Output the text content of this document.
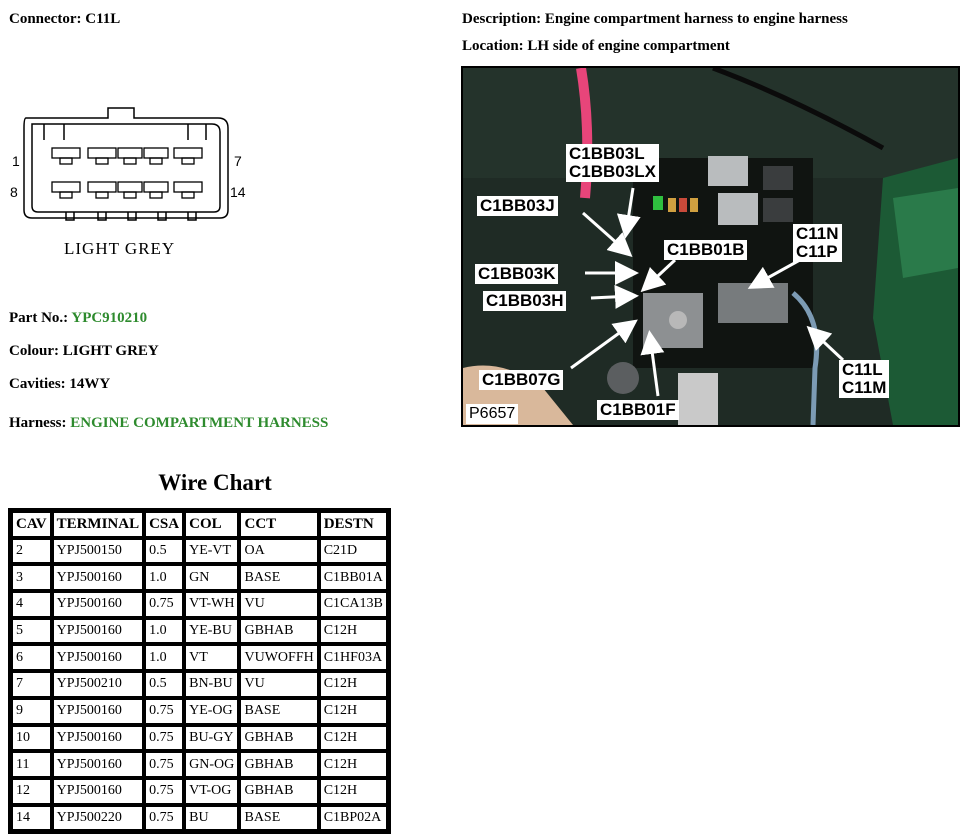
Connector: C11L	Description: Engine compartment harness to engine harness
Location: LH side of engine compartment
1
8
7
14
LIGHT GREY
Part No.: YPC910210
Colour: LIGHT GREY
Cavities: 14WY
Harness: ENGINE COMPARTMENT HARNESS
C1BB03L
C1BB03LX
C1BB03J
C1BB01B
C11N
C11P
C1BB03K
C1BB03H
C1BB07G
C11L
C11M
C1BB01F
P6657
Wire Chart
CAV	TERMINAL	CSA	COL	CCT	DESTN
2	YPJ500150	0.5	YE-VT	OA	C21D
3	YPJ500160	1.0	GN	BASE	C1BB01A
4	YPJ500160	0.75	VT-WH	VU	C1CA13B
5	YPJ500160	1.0	YE-BU	GBHAB	C12H
6	YPJ500160	1.0	VT	VUWOFFH	C1HF03A
7	YPJ500210	0.5	BN-BU	VU	C12H
9	YPJ500160	0.75	YE-OG	BASE	C12H
10	YPJ500160	0.75	BU-GY	GBHAB	C12H
11	YPJ500160	0.75	GN-OG	GBHAB	C12H
12	YPJ500160	0.75	VT-OG	GBHAB	C12H
14	YPJ500220	0.75	BU	BASE	C1BP02A
